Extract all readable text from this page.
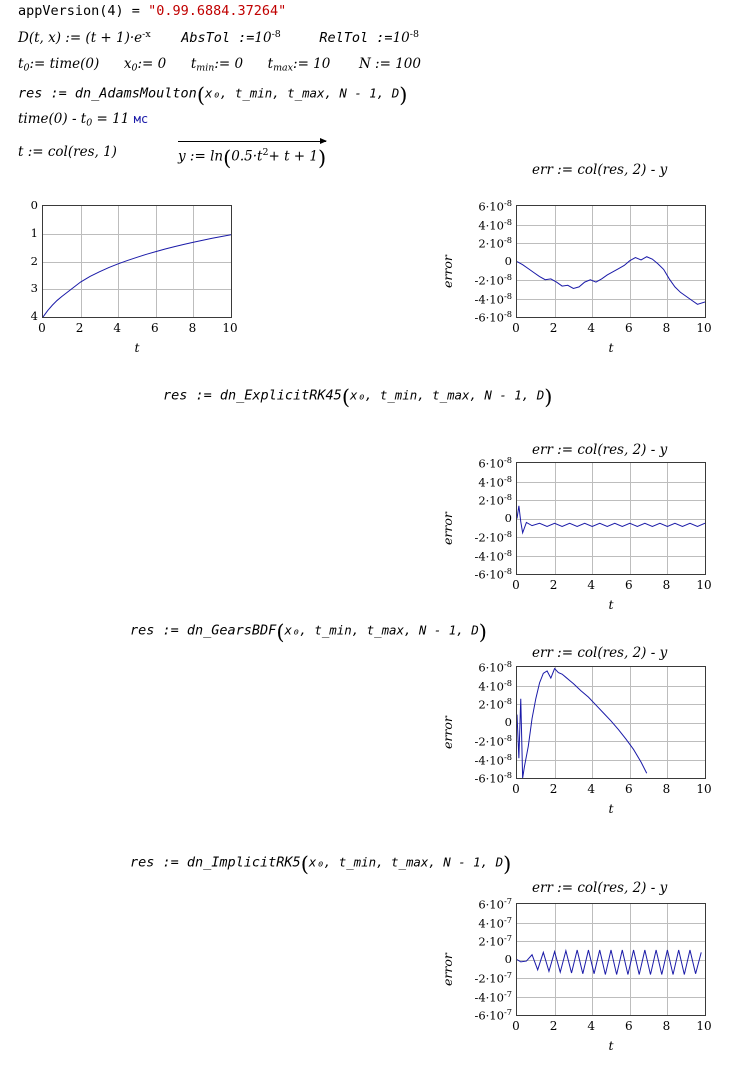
appVersion(4) = "0.99.6884.37264"
D(t, x) := $(t + 1)\cdot e^{-x}$ AbsTol $:=10^{-8}$	RelTol $:=10^{-8}$
$t_0:=$ time(0) $x_0:= 0$ $t_{min}:= 0$ $t_{max}:= 10$ N := 100
res := dn_AdamsMoulton(x₀, t_min, t_max, N - 1, D)
time(0) - $t_0 = 11$ мс
t := col(res, 1)	y := $\ln(0.5\cdot t^2+ t + 1)$	err := col(res, 2) - y
res := dn_ExplicitRK45(x₀, t_min, t_max, N - 1, D)
err := col(res, 2) - y
res := dn_GearsBDF(x₀, t_min, t_max, N - 1, D)
err := col(res, 2) - y
res := dn_ImplicitRK5(x₀, t_min, t_max, N - 1, D)
err := col(res, 2) - y
0	2	4	6	8	10
0
1
2
3
4
t
0	2	4	6	8	10
$6\cdot 10^{-8}$
$4\cdot 10^{-8}$
$2\cdot 10^{-8}$
0
$-2\cdot 10^{-8}$
$-4\cdot 10^{-8}$
$-6\cdot 10^{-8}$
t
error
0	2	4	6	8	10
$6\cdot 10^{-8}$
$4\cdot 10^{-8}$
$2\cdot 10^{-8}$
0
$-2\cdot 10^{-8}$
$-4\cdot 10^{-8}$
$-6\cdot 10^{-8}$
t
error
0	2	4	6	8	10
$6\cdot 10^{-8}$
$4\cdot 10^{-8}$
$2\cdot 10^{-8}$
0
$-2\cdot 10^{-8}$
$-4\cdot 10^{-8}$
$-6\cdot 10^{-8}$
t
error
0	2	4	6	8	10
$6\cdot 10^{-7}$
$4\cdot 10^{-7}$
$2\cdot 10^{-7}$
0
$-2\cdot 10^{-7}$
$-4\cdot 10^{-7}$
$-6\cdot 10^{-7}$
t
error
